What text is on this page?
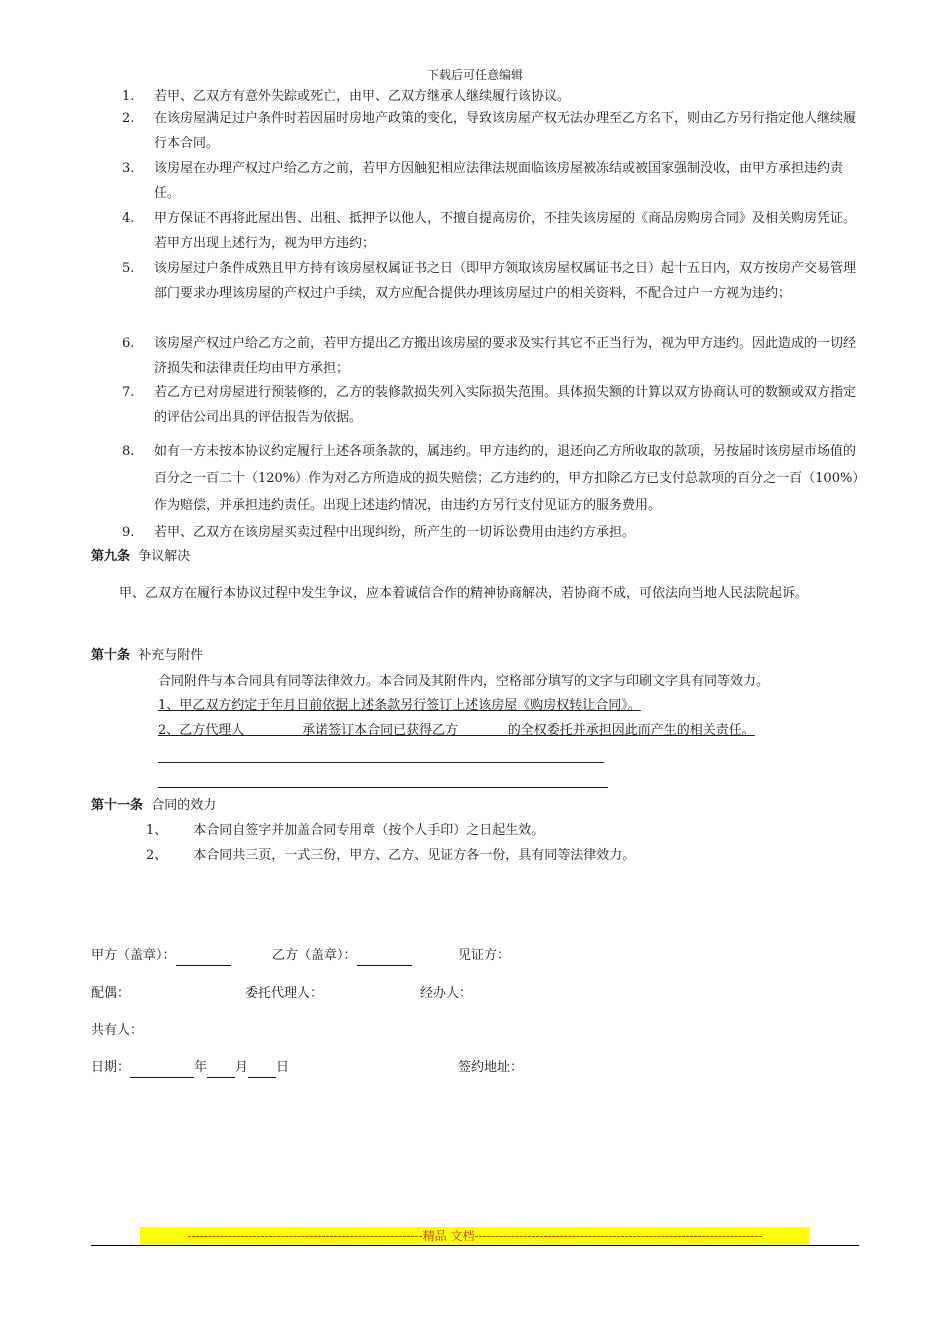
下载后可任意编辑
1.	若甲、乙双方有意外失踪或死亡，由甲、乙双方继承人继续履行该协议。
2.	在该房屋满足过户条件时若因届时房地产政策的变化，导致该房屋产权无法办理至乙方名下，则由乙方另行指定他人继续履行本合同。
3.	该房屋在办理产权过户给乙方之前，若甲方因触犯相应法律法规面临该房屋被冻结或被国家强制没收，由甲方承担违约责任。
4.	甲方保证不再将此屋出售、出租、抵押予以他人，不擅自提高房价，不挂失该房屋的《商品房购房合同》及相关购房凭证。若甲方出现上述行为，视为甲方违约；
5.	该房屋过户条件成熟且甲方持有该房屋权属证书之日（即甲方领取该房屋权属证书之日）起十五日内，双方按房产交易管理部门要求办理该房屋的产权过户手续，双方应配合提供办理该房屋过户的相关资料，不配合过户一方视为违约；
6.	该房屋产权过户给乙方之前，若甲方提出乙方搬出该房屋的要求及实行其它不正当行为，视为甲方违约。因此造成的一切经济损失和法律责任均由甲方承担；
7.	若乙方已对房屋进行预装修的，乙方的装修款损失列入实际损失范围。具体损失额的计算以双方协商认可的数额或双方指定的评估公司出具的评估报告为依据。
8.	如有一方未按本协议约定履行上述各项条款的，属违约。甲方违约的，退还向乙方所收取的款项，另按届时该房屋市场值的百分之一百二十（120%）作为对乙方所造成的损失赔偿；乙方违约的，甲方扣除乙方已支付总款项的百分之一百（100%）作为赔偿，并承担违约责任。出现上述违约情况，由违约方另行支付见证方的服务费用。
9.	若甲、乙双方在该房屋买卖过程中出现纠纷，所产生的一切诉讼费用由违约方承担。
第九条 争议解决
甲、乙双方在履行本协议过程中发生争议，应本着诚信合作的精神协商解决，若协商不成，可依法向当地人民法院起诉。
第十条 补充与附件
合同附件与本合同具有同等法律效力。本合同及其附件内，空格部分填写的文字与印刷文字具有同等效力。
1、甲乙双方约定于年月日前依据上述条款另行签订上述该房屋《购房权转让合同》。
2、乙方代理人	承诺签订本合同已获得乙方	的全权委托并承担因此而产生的相关责任。
第十一条 合同的效力
1、 本合同自签字并加盖合同专用章（按个人手印）之日起生效。
2、 本合同共三页，一式三份，甲方、乙方、见证方各一份，具有同等法律效力。
甲方（盖章）：	乙方（盖章）：	见证方：
配偶：	委托代理人：	经办人：
共有人：
日期：	年 月 日	签约地址：
----------------------------------------------------------精品 文档-----------------------------------------------------------------------
